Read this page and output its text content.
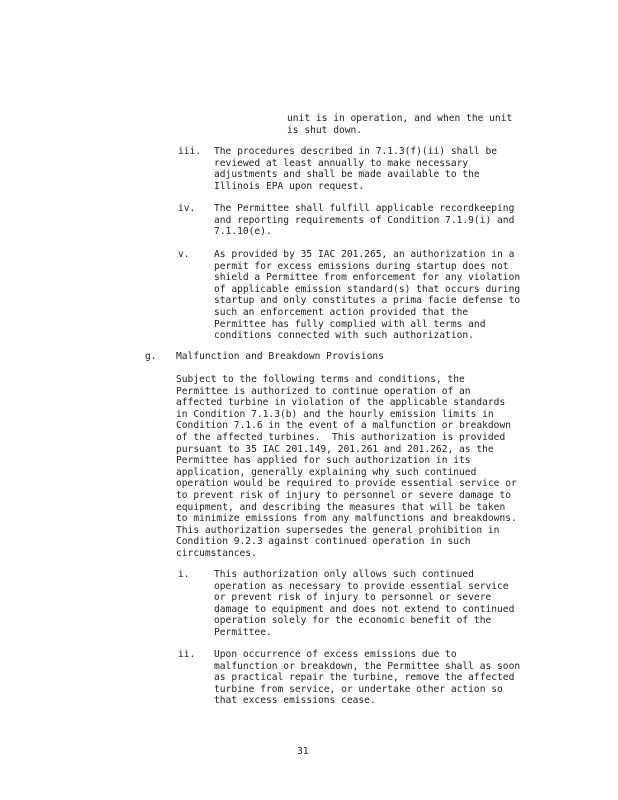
unit is in operation, and when the unit
is shut down.
iii. The procedures described in 7.1.3(f)(ii) shall be
reviewed at least annually to make necessary
adjustments and shall be made available to the
Illinois EPA upon request.
iv. The Permittee shall fulfill applicable recordkeeping
and reporting requirements of Condition 7.1.9(i) and
7.1.10(e).
v.	As provided by 35 IAC 201.265, an authorization in a
permit for excess emissions during startup does not
shield a Permittee from enforcement for any violation
of applicable emission standard(s) that occurs during
startup and only constitutes a prima facie defense to
such an enforcement action provided that the
Permittee has fully complied with all terms and
conditions connected with such authorization.
g. Malfunction and Breakdown Provisions
Subject to the following terms and conditions, the
Permittee is authorized to continue operation of an
affected turbine in violation of the applicable standards
in Condition 7.1.3(b) and the hourly emission limits in
Condition 7.1.6 in the event of a malfunction or breakdown
of the affected turbines.  This authorization is provided
pursuant to 35 IAC 201.149, 201.261 and 201.262, as the
Permittee has applied for such authorization in its
application, generally explaining why such continued
operation would be required to provide essential service or
to prevent risk of injury to personnel or severe damage to
equipment, and describing the measures that will be taken
to minimize emissions from any malfunctions and breakdowns.
This authorization supersedes the general prohibition in
Condition 9.2.3 against continued operation in such
circumstances.
i.	This authorization only allows such continued
operation as necessary to provide essential service
or prevent risk of injury to personnel or severe
damage to equipment and does not extend to continued
operation solely for the economic benefit of the
Permittee.
ii. Upon occurrence of excess emissions due to
malfunction or breakdown, the Permittee shall as soon
as practical repair the turbine, remove the affected
turbine from service, or undertake other action so
that excess emissions cease.
31
